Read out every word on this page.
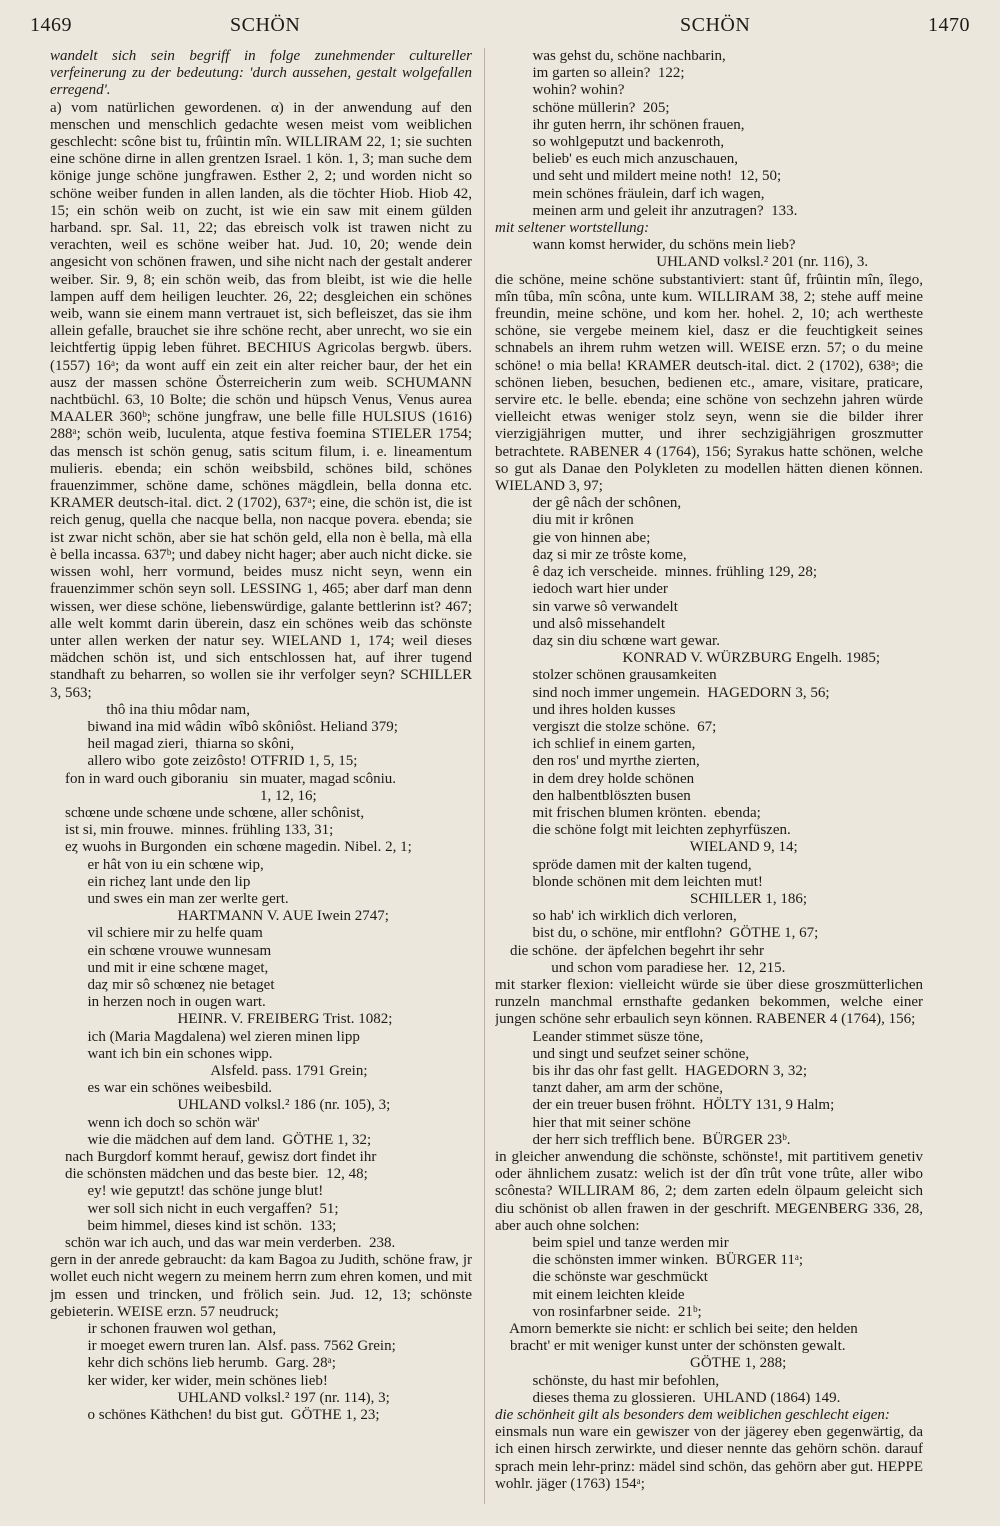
1469	SCHÖN	SCHÖN	1470
wandelt sich sein begriff in folge zunehmender cultureller verfeinerung zu der bedeutung: 'durch aussehen, gestalt wolgefallen erregend'.
a) vom natürlichen gewordenen. α) in der anwendung auf den menschen und menschlich gedachte wesen meist vom weiblichen geschlecht: scône bist tu, frûintin mîn. WILLIRAM 22, 1; sie suchten eine schöne dirne in allen grentzen Israel. 1 kön. 1, 3; man suche dem könige junge schöne jungfrawen. Esther 2, 2; und worden nicht so schöne weiber funden in allen landen, als die töchter Hiob. Hiob 42, 15; ein schön weib on zucht, ist wie ein saw mit einem gülden harband. spr. Sal. 11, 22; das ebreisch volk ist trawen nicht zu verachten, weil es schöne weiber hat. Jud. 10, 20; wende dein angesicht von schönen frawen, und sihe nicht nach der gestalt anderer weiber. Sir. 9, 8; ein schön weib, das from bleibt, ist wie die helle lampen auff dem heiligen leuchter. 26, 22; desgleichen ein schönes weib, wann sie einem mann vertrauet ist, sich befleiszet, das sie ihm allein gefalle, brauchet sie ihre schöne recht, aber unrecht, wo sie ein leichtfertig üppig leben führet. BECHIUS Agricolas bergwb. übers. (1557) 16ᵃ; da wont auff ein zeit ein alter reicher baur, der het ein ausz der massen schöne Österreicherin zum weib. SCHUMANN nachtbüchl. 63, 10 Bolte; die schön und hüpsch Venus, Venus aurea MAALER 360ᵇ; schöne jungfraw, une belle fille HULSIUS (1616) 288ᵃ; schön weib, luculenta, atque festiva foemina STIELER 1754; das mensch ist schön genug, satis scitum filum, i. e. lineamentum mulieris. ebenda; ein schön weibsbild, schönes bild, schönes frauenzimmer, schöne dame, schönes mägdlein, bella donna etc. KRAMER deutsch-ital. dict. 2 (1702), 637ᵃ; eine, die schön ist, die ist reich genug, quella che nacque bella, non nacque povera. ebenda; sie ist zwar nicht schön, aber sie hat schön geld, ella non è bella, mà ella è bella incassa. 637ᵇ; und dabey nicht hager; aber auch nicht dicke. sie wissen wohl, herr vormund, beides musz nicht seyn, wenn ein frauenzimmer schön seyn soll. LESSING 1, 465; aber darf man denn wissen, wer diese schöne, liebenswürdige, galante bettlerinn ist? 467; alle welt kommt darin überein, dasz ein schönes weib das schönste unter allen werken der natur sey. WIELAND 1, 174; weil dieses mädchen schön ist, und sich entschlossen hat, auf ihrer tugend standhaft zu beharren, so wollen sie ihr verfolger seyn? SCHILLER 3, 563;
thô ina thiu môdar nam,
biwand ina mid wâdin  wîbô skôniôst. Heliand 379;
heil magad zieri,  thiarna so skôni,
allero wibo  gote zeizôsto! OTFRID 1, 5, 15;
fon in ward ouch giboraniu   sin muater, magad scôniu.
1, 12, 16;
schœne unde schœne unde schœne, aller schônist,
ist si, min frouwe.  minnes. frühling 133, 31;
eȥ wuohs in Burgonden  ein schœne magedin. Nibel. 2, 1;
er hât von iu ein schœne wip,
ein richeȥ lant unde den lip
und swes ein man zer werlte gert.
HARTMANN V. AUE Iwein 2747;
vil schiere mir zu helfe quam
ein schœne vrouwe wunnesam
und mit ir eine schœne maget,
daȥ mir sô schœneȥ nie betaget
in herzen noch in ougen wart.
HEINR. V. FREIBERG Trist. 1082;
ich (Maria Magdalena) wel zieren minen lipp
want ich bin ein schones wipp.
Alsfeld. pass. 1791 Grein;
es war ein schönes weibesbild.
UHLAND volksl.² 186 (nr. 105), 3;
wenn ich doch so schön wär'
wie die mädchen auf dem land.  GÖTHE 1, 32;
nach Burgdorf kommt herauf, gewisz dort findet ihr
die schönsten mädchen und das beste bier.  12, 48;
ey! wie geputzt! das schöne junge blut!
wer soll sich nicht in euch vergaffen?  51;
beim himmel, dieses kind ist schön.  133;
schön war ich auch, und das war mein verderben.  238.
gern in der anrede gebraucht: da kam Bagoa zu Judith, schöne fraw, jr wollet euch nicht wegern zu meinem herrn zum ehren komen, und mit jm essen und trincken, und frölich sein. Jud. 12, 13; schönste gebieterin. WEISE erzn. 57 neudruck;
ir schonen frauwen wol gethan,
ir moeget ewern truren lan.  Alsf. pass. 7562 Grein;
kehr dich schöns lieb herumb.  Garg. 28ᵃ;
ker wider, ker wider, mein schönes lieb!
UHLAND volksl.² 197 (nr. 114), 3;
o schönes Käthchen! du bist gut.  GÖTHE 1, 23;
was gehst du, schöne nachbarin,
im garten so allein?  122;
wohin? wohin?
schöne müllerin?  205;
ihr guten herrn, ihr schönen frauen,
so wohlgeputzt und backenroth,
belieb' es euch mich anzuschauen,
und seht und mildert meine noth!  12, 50;
mein schönes fräulein, darf ich wagen,
meinen arm und geleit ihr anzutragen?  133.
mit seltener wortstellung:
wann komst herwider, du schöns mein lieb?
UHLAND volksl.² 201 (nr. 116), 3.
die schöne, meine schöne substantiviert: stant ûf, frûintin mîn, îlego, mîn tûba, mîn scôna, unte kum. WILLIRAM 38, 2; stehe auff meine freundin, meine schöne, und kom her. hohel. 2, 10; ach wertheste schöne, sie vergebe meinem kiel, dasz er die feuchtigkeit seines schnabels an ihrem ruhm wetzen will. WEISE erzn. 57; o du meine schöne! o mia bella! KRAMER deutsch-ital. dict. 2 (1702), 638ᵃ; die schönen lieben, besuchen, bedienen etc., amare, visitare, praticare, servire etc. le belle. ebenda; eine schöne von sechzehn jahren würde vielleicht etwas weniger stolz seyn, wenn sie die bilder ihrer vierzigjährigen mutter, und ihrer sechzigjährigen groszmutter betrachtete. RABENER 4 (1764), 156; Syrakus hatte schönen, welche so gut als Danae den Polykleten zu modellen hätten dienen können. WIELAND 3, 97;
der gê nâch der schônen,
diu mit ir krônen
gie von hinnen abe;
daȥ si mir ze trôste kome,
ê daȥ ich verscheide.  minnes. frühling 129, 28;
iedoch wart hier under
sin varwe sô verwandelt
und alsô missehandelt
daȥ sin diu schœne wart gewar.
KONRAD V. WÜRZBURG Engelh. 1985;
stolzer schönen grausamkeiten
sind noch immer ungemein.  HAGEDORN 3, 56;
und ihres holden kusses
vergiszt die stolze schöne.  67;
ich schlief in einem garten,
den ros' und myrthe zierten,
in dem drey holde schönen
den halbentblöszten busen
mit frischen blumen krönten.  ebenda;
die schöne folgt mit leichten zephyrfüszen.
WIELAND 9, 14;
spröde damen mit der kalten tugend,
blonde schönen mit dem leichten mut!
SCHILLER 1, 186;
so hab' ich wirklich dich verloren,
bist du, o schöne, mir entflohn?  GÖTHE 1, 67;
die schöne.  der äpfelchen begehrt ihr sehr
und schon vom paradiese her.  12, 215.
mit starker flexion: vielleicht würde sie über diese groszmütterlichen runzeln manchmal ernsthafte gedanken bekommen, welche einer jungen schöne sehr erbaulich seyn können. RABENER 4 (1764), 156;
Leander stimmet süsze töne,
und singt und seufzet seiner schöne,
bis ihr das ohr fast gellt.  HAGEDORN 3, 32;
tanzt daher, am arm der schöne,
der ein treuer busen fröhnt.  HÖLTY 131, 9 Halm;
hier that mit seiner schöne
der herr sich trefflich bene.  BÜRGER 23ᵇ.
in gleicher anwendung die schönste, schönste!, mit partitivem genetiv oder ähnlichem zusatz: welich ist der dîn trût vone trûte, aller wibo scônesta? WILLIRAM 86, 2; dem zarten edeln ölpaum geleicht sich diu schönist ob allen frawen in der geschrift. MEGENBERG 336, 28, aber auch ohne solchen:
beim spiel und tanze werden mir
die schönsten immer winken.  BÜRGER 11ᵃ;
die schönste war geschmückt
mit einem leichten kleide
von rosinfarbner seide.  21ᵇ;
Amorn bemerkte sie nicht: er schlich bei seite; den helden
bracht' er mit weniger kunst unter der schönsten gewalt.
GÖTHE 1, 288;
schönste, du hast mir befohlen,
dieses thema zu glossieren.  UHLAND (1864) 149.
die schönheit gilt als besonders dem weiblichen geschlecht eigen:
einsmals nun ware ein gewiszer von der jägerey eben gegenwärtig, da ich einen hirsch zerwirkte, und dieser nennte das gehörn schön. darauf sprach mein lehr-prinz: mädel sind schön, das gehörn aber gut. HEPPE wohlr. jäger (1763) 154ᵃ;
